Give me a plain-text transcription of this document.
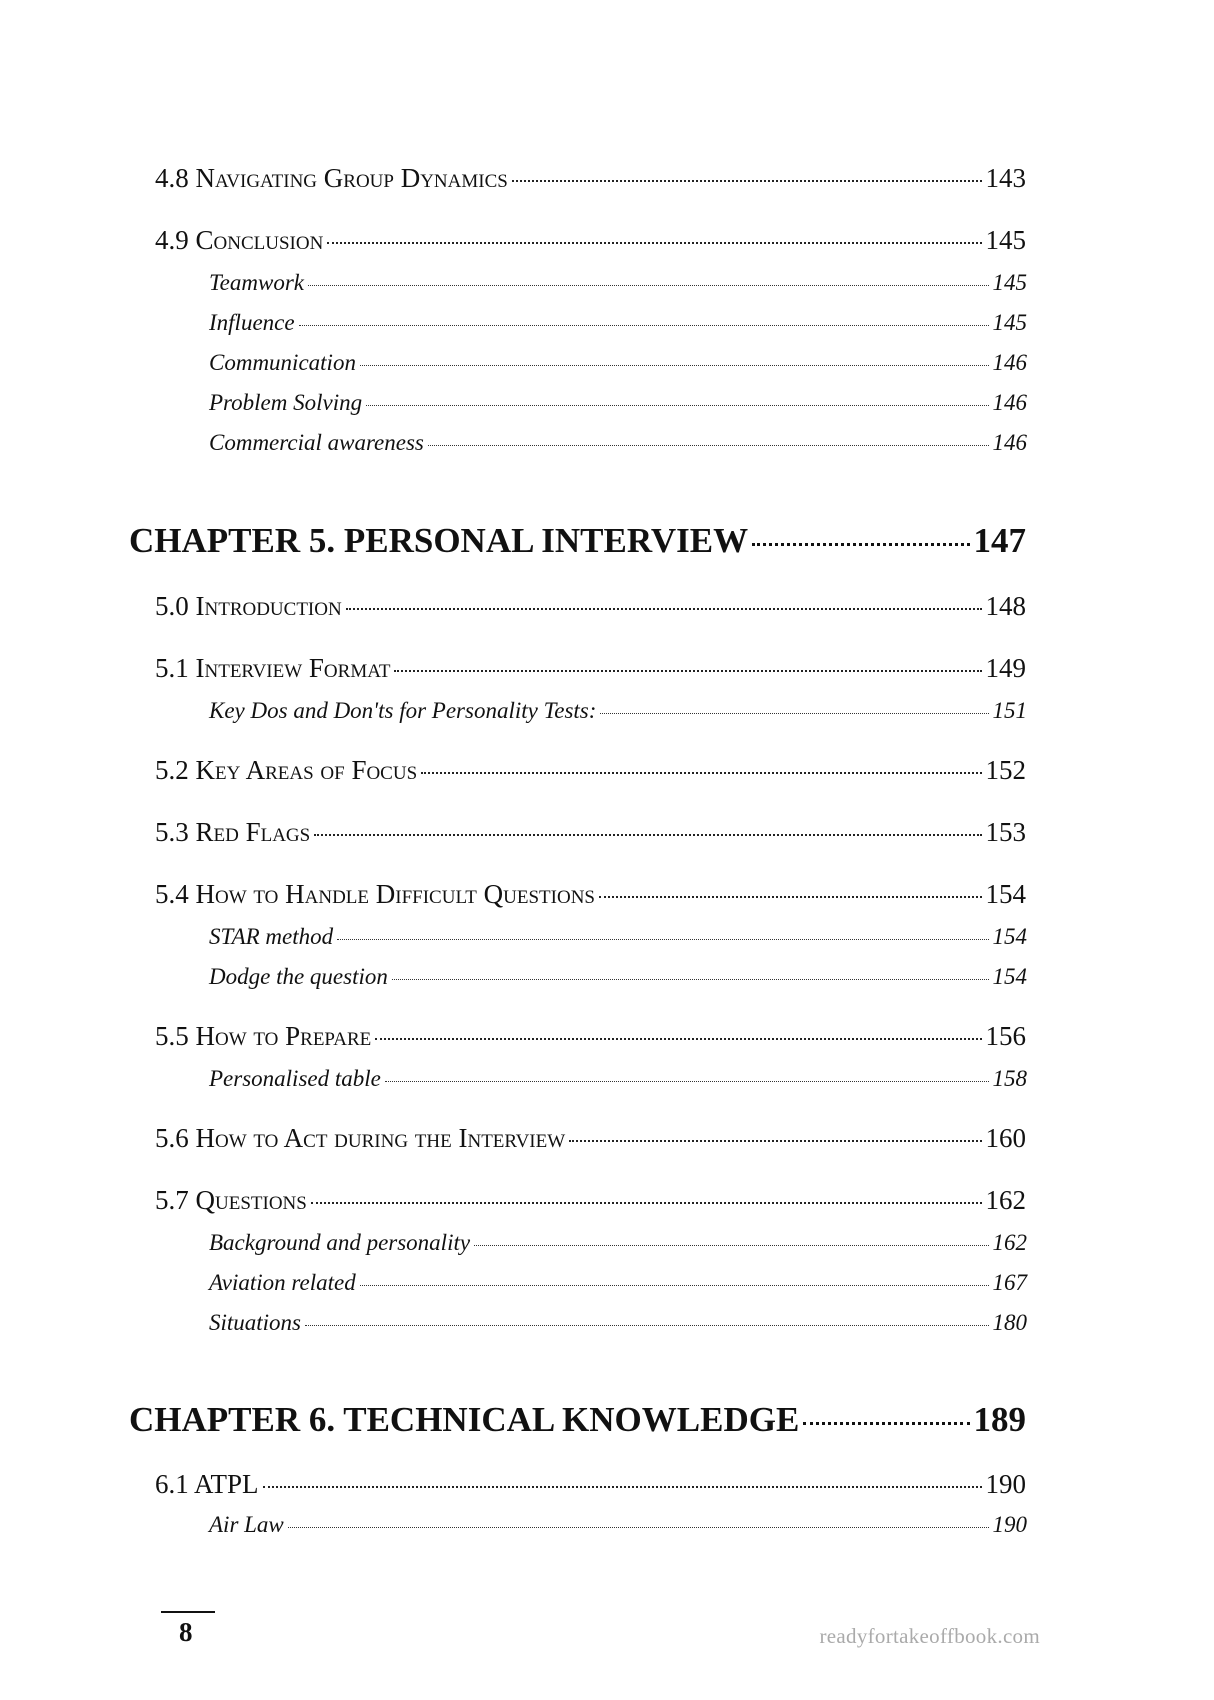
4.8 Navigating Group Dynamics	143
4.9 Conclusion	145
Teamwork	145
Influence	145
Communication	146
Problem Solving	146
Commercial awareness	146
CHAPTER 5. PERSONAL INTERVIEW	147
5.0 Introduction	148
5.1 Interview Format	149
Key Dos and Don'ts for Personality Tests:	151
5.2 Key Areas of Focus	152
5.3 Red Flags	153
5.4 How to Handle Difficult Questions	154
STAR method	154
Dodge the question	154
5.5 How to Prepare	156
Personalised table	158
5.6 How to Act during the Interview	160
5.7 Questions	162
Background and personality	162
Aviation related	167
Situations	180
CHAPTER 6. TECHNICAL KNOWLEDGE	189
6.1 ATPL	190
Air Law	190
8	readyfortakeoffbook.com
